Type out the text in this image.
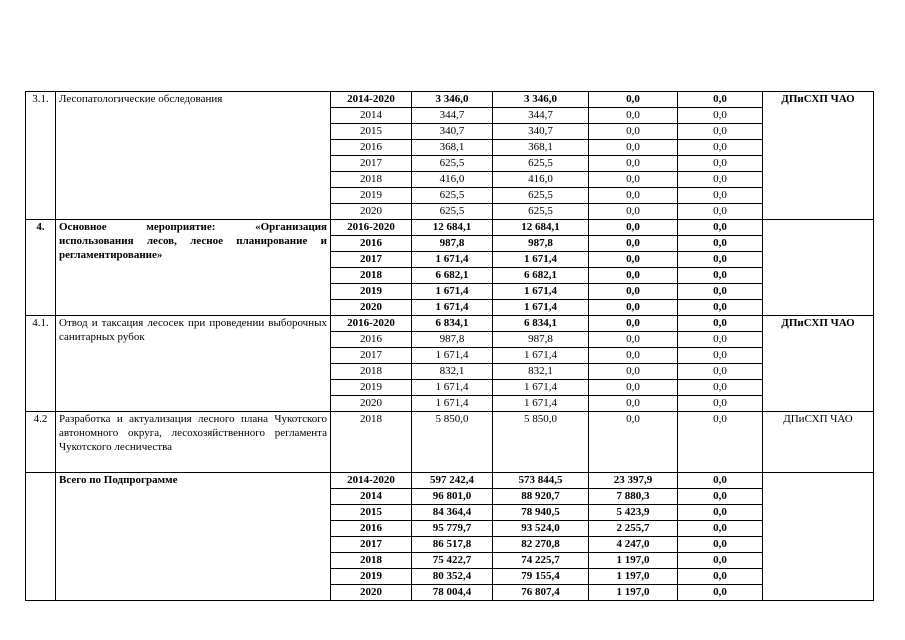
3.1.	Лесопатологические обследования	2014-2020	3 346,0	3 346,0	0,0	0,0	ДПиСХП ЧАО
		2014	344,7	344,7	0,0	0,0	
		2015	340,7	340,7	0,0	0,0	
		2016	368,1	368,1	0,0	0,0	
		2017	625,5	625,5	0,0	0,0	
		2018	416,0	416,0	0,0	0,0	
		2019	625,5	625,5	0,0	0,0	
		2020	625,5	625,5	0,0	0,0	
4.	Основное мероприятие: «Организация использования лесов, лесное планирование и регламентирование»	2016-2020	12 684,1	12 684,1	0,0	0,0	
		2016	987,8	987,8	0,0	0,0	
		2017	1 671,4	1 671,4	0,0	0,0	
		2018	6 682,1	6 682,1	0,0	0,0	
		2019	1 671,4	1 671,4	0,0	0,0	
		2020	1 671,4	1 671,4	0,0	0,0	
4.1.	Отвод и таксация лесосек при проведении выборочных санитарных рубок	2016-2020	6 834,1	6 834,1	0,0	0,0	ДПиСХП ЧАО
		2016	987,8	987,8	0,0	0,0	
		2017	1 671,4	1 671,4	0,0	0,0	
		2018	832,1	832,1	0,0	0,0	
		2019	1 671,4	1 671,4	0,0	0,0	
		2020	1 671,4	1 671,4	0,0	0,0	
4.2	Разработка и актуализация лесного плана Чукотского автономного округа, лесохозяйственного регламента Чукотского лесничества	2018	5 850,0	5 850,0	0,0	0,0	ДПиСХП ЧАО
	Всего по Подпрограмме	2014-2020	597 242,4	573 844,5	23 397,9	0,0	
		2014	96 801,0	88 920,7	7 880,3	0,0	
		2015	84 364,4	78 940,5	5 423,9	0,0	
		2016	95 779,7	93 524,0	2 255,7	0,0	
		2017	86 517,8	82 270,8	4 247,0	0,0	
		2018	75 422,7	74 225,7	1 197,0	0,0	
		2019	80 352,4	79 155,4	1 197,0	0,0	
		2020	78 004,4	76 807,4	1 197,0	0,0	
